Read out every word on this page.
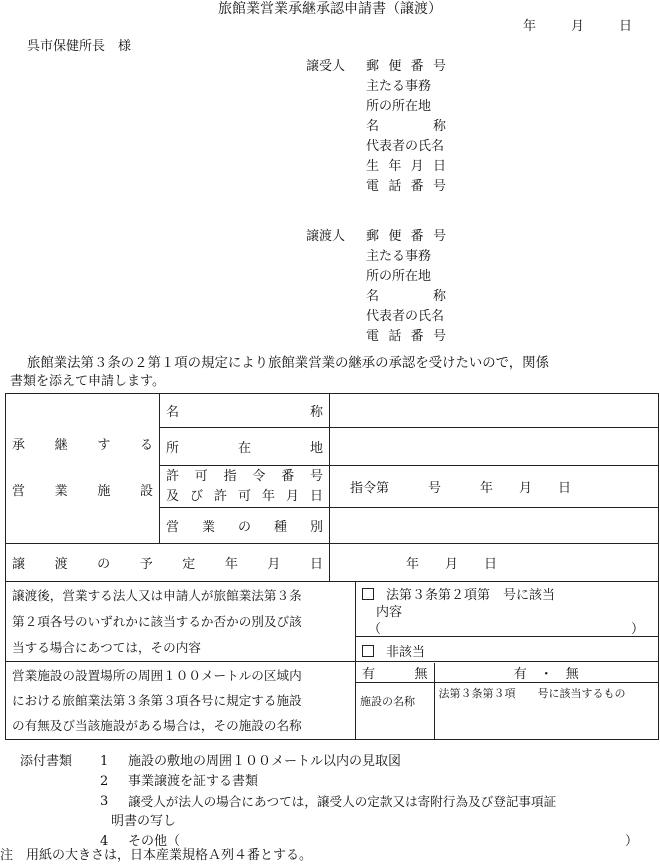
旅館業営業承継承認申請書（譲渡）
年	月	日
呉市保健所長　様
譲受人 郵 便 番 号
主たる事務
所の所在地
名　　　称
代表者の氏名
生 年 月 日
電 話 番 号
譲渡人 郵 便 番 号
主たる事務
所の所在地
名　　　称
代表者の氏名
電 話 番 号
旅館業法第３条の２第１項の規定により旅館業営業の継承の承認を受けたいので，関係
書類を添えて申請します。
承　継　す　る
営　業　施　設
	名　　　　　　　　　　称	
所　　　在　　　地	

許　可　指　令　番　号
及 び 許 可 年 月 日	指令第　　　号　　　年　　月　　日
営　業　の　種　別	
譲　渡　の　予　定　年　月　日	年　　月　　日

譲渡後，営業する法人又は申請人が旅館業法第３条
第２項各号のいずれかに該当するか否かの別及び該
当する場合にあつては，その内容

法第３条第２項第　号に該当
内容
（	）
非該当

営業施設の設置場所の周囲１００メートルの区域内
における旅館業法第３条第３項各号に規定する施設
の有無及び当該施設がある場合は，その施設の名称

有　　無	有　・　無
施設の名称	法第３条第３項　　号に該当するもの
添付書類 1 施設の敷地の周囲１００メートル以内の見取図
2 事業譲渡を証する書類
3 譲受人が法人の場合にあつては，譲受人の定款又は寄附行為及び登記事項証
明書の写し
4 その他（	）
注　用紙の大きさは，日本産業規格Ａ列４番とする。
